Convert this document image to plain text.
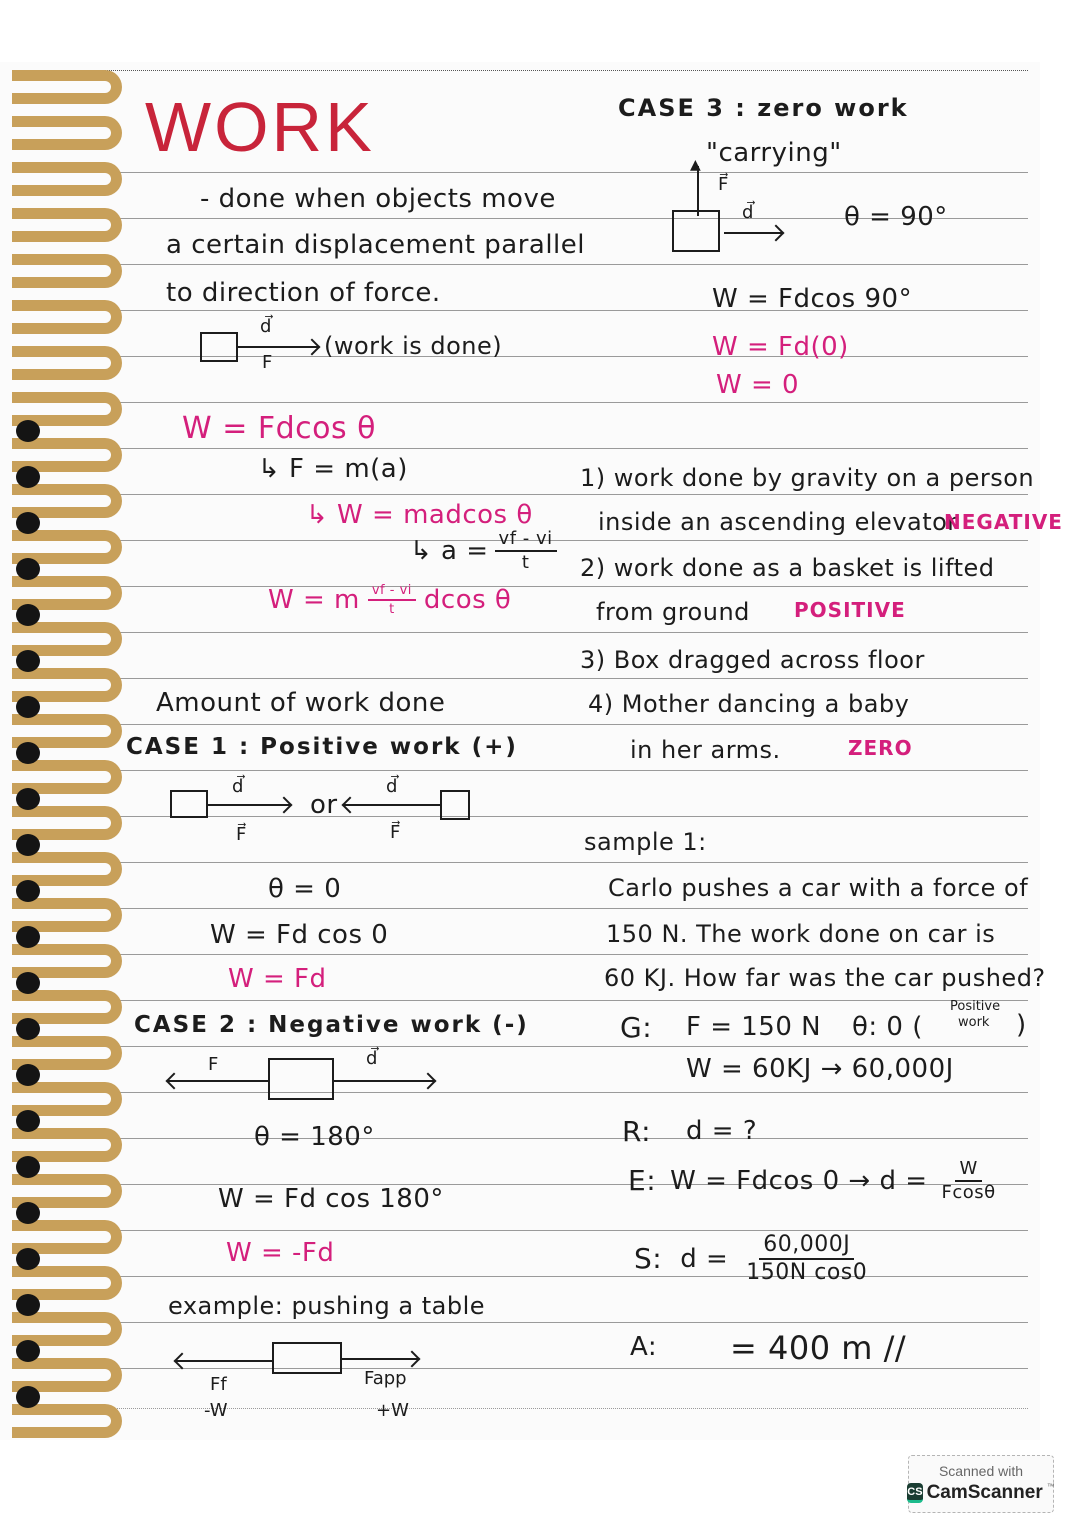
WORK
- done when objects move
a certain displacement parallel
to direction of force.
d⃗
F
(work is done)
W = Fdcos θ
↳ F = m(a)
↳ W = madcos θ
↳ $a = \frac{vf - vi}{t}$
W = m $\frac{vf - vi}{t}$ dcos θ
Amount of work done
CASE 1 : Positive work (+)
d⃗
F⃗
or
d⃗
F⃗
θ = 0
W = Fd cos 0
W = Fd
CASE 2 : Negative work (-)
F	d⃗
θ = 180°
W = Fd cos 180°
W = -Fd
example: pushing a table
Ff
-W
Fapp
+W
CASE 3 : zero work
"carrying"
▲
F⃗
d⃗	θ = 90°
W = Fdcos 90°
W = Fd(0)
W = 0
1) work done by gravity on a person
inside an ascending elevator
NEGATIVE
2) work done as a basket is lifted
from ground POSITIVE
3) Box dragged across floor
4) Mother dancing a baby
in her arms.	ZERO
sample 1:
Carlo pushes a car with a force of
150 N. The work done on car is
60 KJ. How far was the car pushed?
G: F = 150 N θ: 0 (
Positive
work )
W = 60KJ → 60,000J
R: d = ?
E: W = Fdcos $0 \to d = \frac{W}{Fcos\theta}$
S: $d = \frac{60,000J}{\text{150N cos0}}$
A: = 400 m //
Scanned with
CS CamScanner ™
